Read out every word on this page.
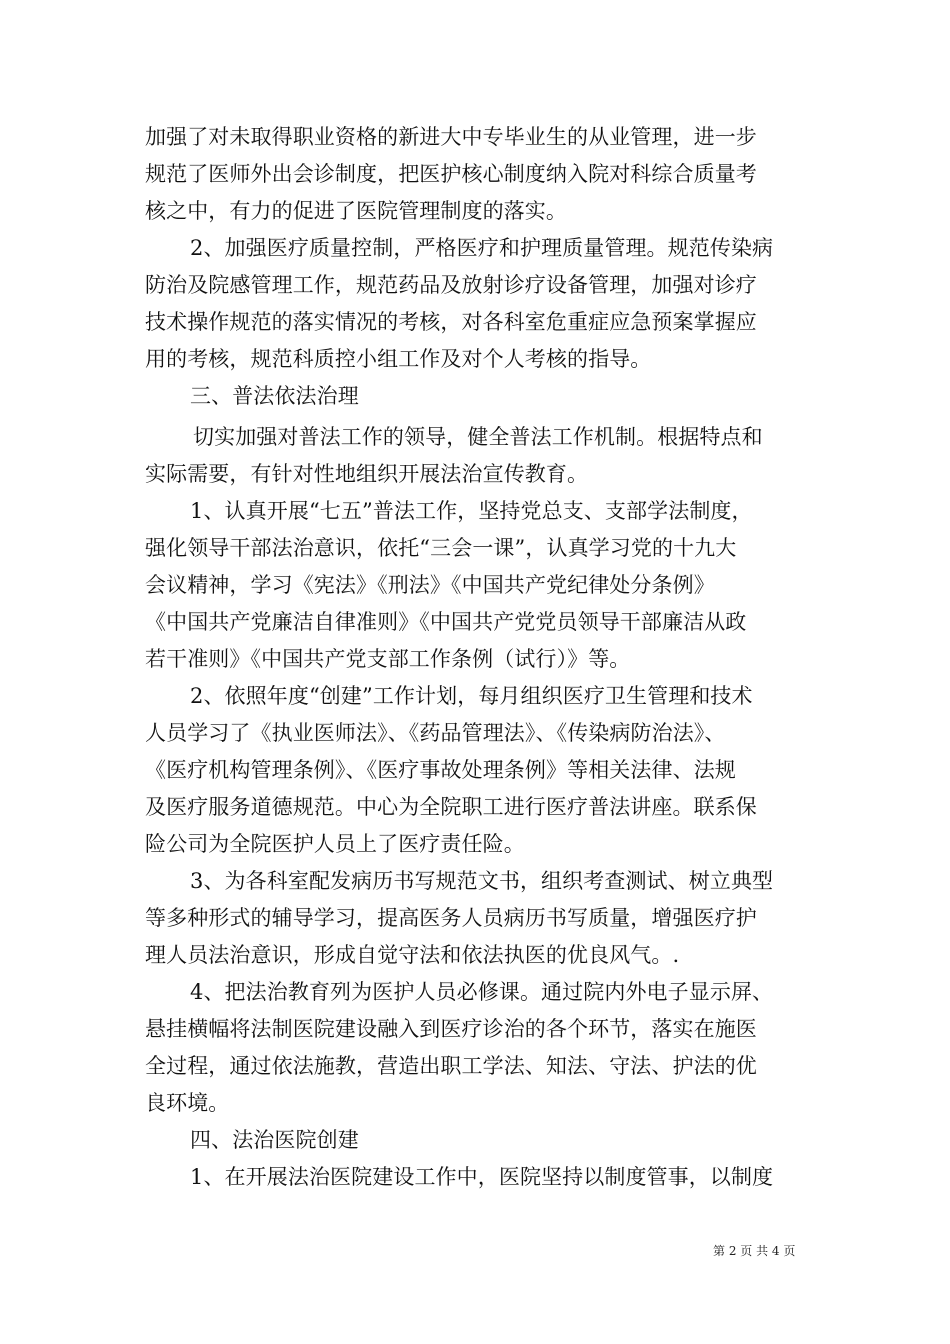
加强了对未取得职业资格的新进大中专毕业生的从业管理，进一步
规范了医师外出会诊制度，把医护核心制度纳入院对科综合质量考
核之中，有力的促进了医院管理制度的落实。
2、加强医疗质量控制，严格医疗和护理质量管理。规范传染病
防治及院感管理工作，规范药品及放射诊疗设备管理，加强对诊疗
技术操作规范的落实情况的考核，对各科室危重症应急预案掌握应
用的考核，规范科质控小组工作及对个人考核的指导。
三、普法依法治理
切实加强对普法工作的领导，健全普法工作机制。根据特点和
实际需要，有针对性地组织开展法治宣传教育。
1、认真开展“七五”普法工作，坚持党总支、支部学法制度，
强化领导干部法治意识，依托“三会一课”，认真学习党的十九大
会议精神，学习《宪法》《刑法》《中国共产党纪律处分条例》
《中国共产党廉洁自律准则》《中国共产党党员领导干部廉洁从政
若干准则》《中国共产党支部工作条例（试行）》等。
2、依照年度“创建”工作计划，每月组织医疗卫生管理和技术
人员学习了《执业医师法》、《药品管理法》、《传染病防治法》、
《医疗机构管理条例》、《医疗事故处理条例》等相关法律、法规
及医疗服务道德规范。中心为全院职工进行医疗普法讲座。联系保
险公司为全院医护人员上了医疗责任险。
3、为各科室配发病历书写规范文书，组织考查测试、树立典型
等多种形式的辅导学习，提高医务人员病历书写质量，增强医疗护
理人员法治意识，形成自觉守法和依法执医的优良风气。.
4、把法治教育列为医护人员必修课。通过院内外电子显示屏、
悬挂横幅将法制医院建设融入到医疗诊治的各个环节，落实在施医
全过程，通过依法施教，营造出职工学法、知法、守法、护法的优
良环境。
四、法治医院创建
1、在开展法治医院建设工作中，医院坚持以制度管事，以制度
第 2 页 共 4 页
